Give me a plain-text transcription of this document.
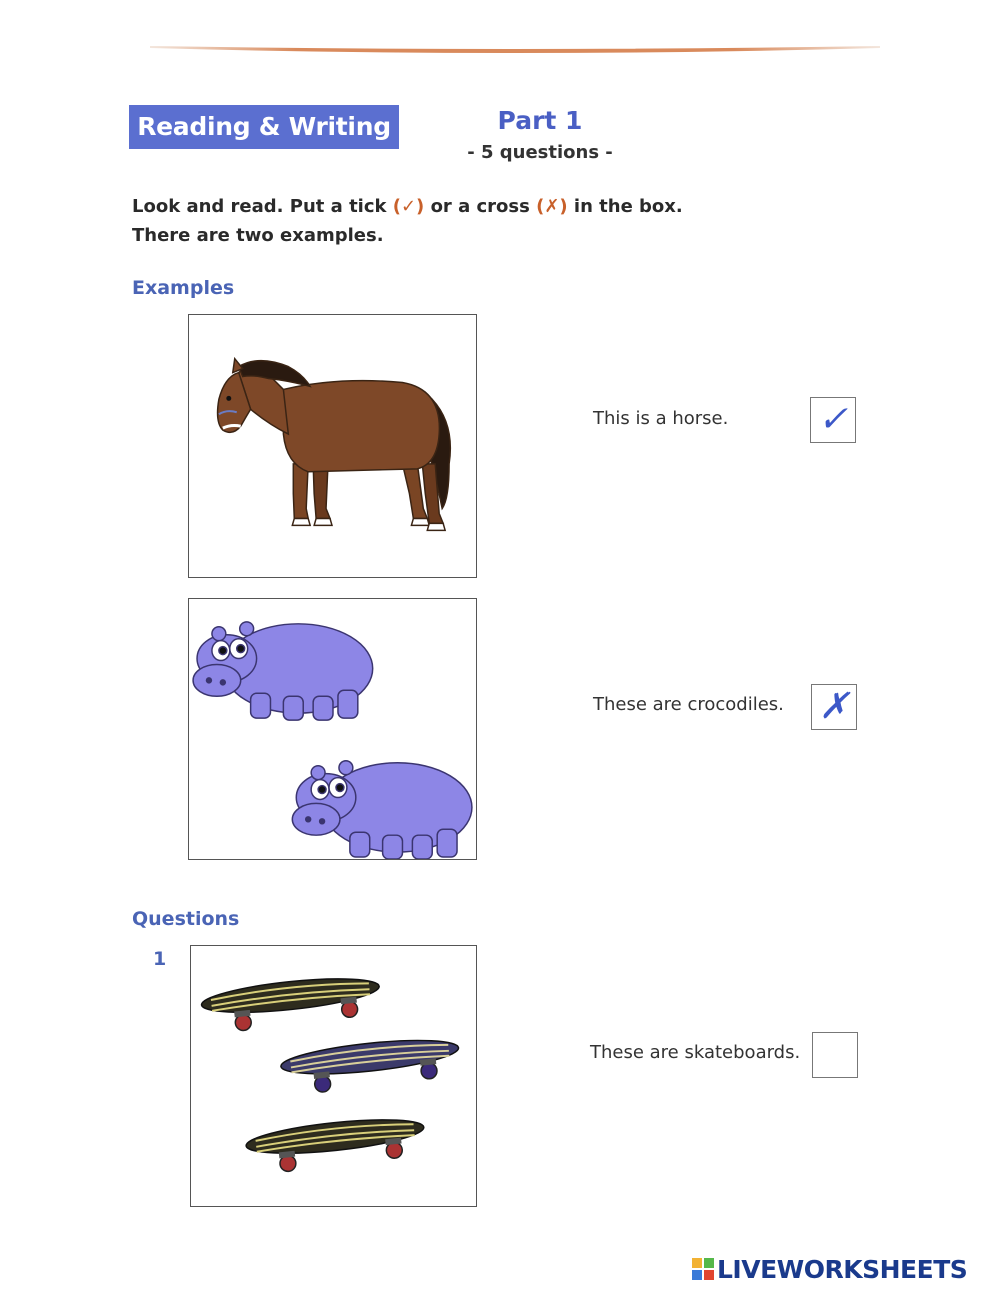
Reading & Writing	Part 1
- 5 questions -
Look and read. Put a tick (✓) or a cross (✗) in the box.
There are two examples.
Examples
This is a horse. ✓
These are crocodiles. ✗
Questions
1
These are skateboards.
LIVEWORKSHEETS
